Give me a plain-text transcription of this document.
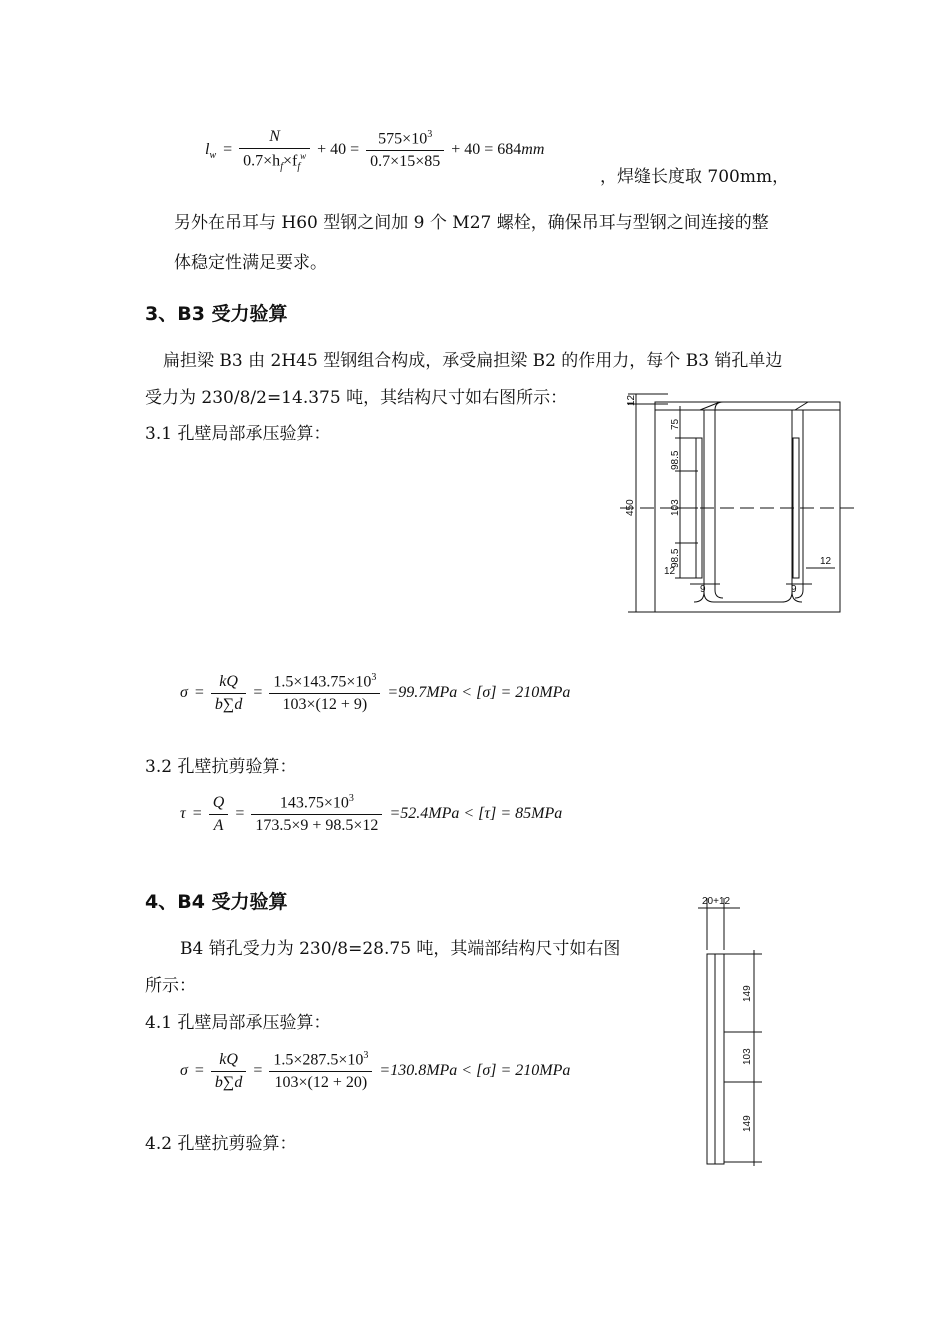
$l_w = \frac{N}{0.7\times h_f\times f_f^w} + 40 = \frac{575\times 10^3}{0.7\times 15\times 85} + 40 = 684mm$
，焊缝长度取 700mm，
另外在吊耳与 H60 型钢之间加 9 个 M27 螺栓，确保吊耳与型钢之间连接的整
体稳定性满足要求。
3、B3 受力验算
扁担梁 B3 由 2H45 型钢组合构成，承受扁担梁 B2 的作用力，每个 B3 销孔单边
受力为 230/8/2=14.375 吨，其结构尺寸如右图所示：
3.1 孔壁局部承压验算：
12
450
75
98.5
103
98.5
12
9	9
12
$\sigma = \frac{kQ}{b\sum d} = \frac{1.5\times 143.75\times 10^3}{103\times(12 + 9)} =99.7MPa < [\sigma] = 210MPa$
3.2 孔壁抗剪验算：
$\tau = \frac{Q}{A} = \frac{143.75\times 10^3}{173.5\times 9 + 98.5\times 12} =52.4MPa < [\tau] = 85MPa$
4、B4 受力验算
B4 销孔受力为 230/8=28.75 吨，其端部结构尺寸如右图
所示：
4.1 孔壁局部承压验算：
20+12
149
103
149
$\sigma = \frac{kQ}{b\sum d} = \frac{1.5\times 287.5\times 10^3}{103\times(12 + 20)} =130.8MPa < [\sigma] = 210MPa$
4.2 孔壁抗剪验算：
